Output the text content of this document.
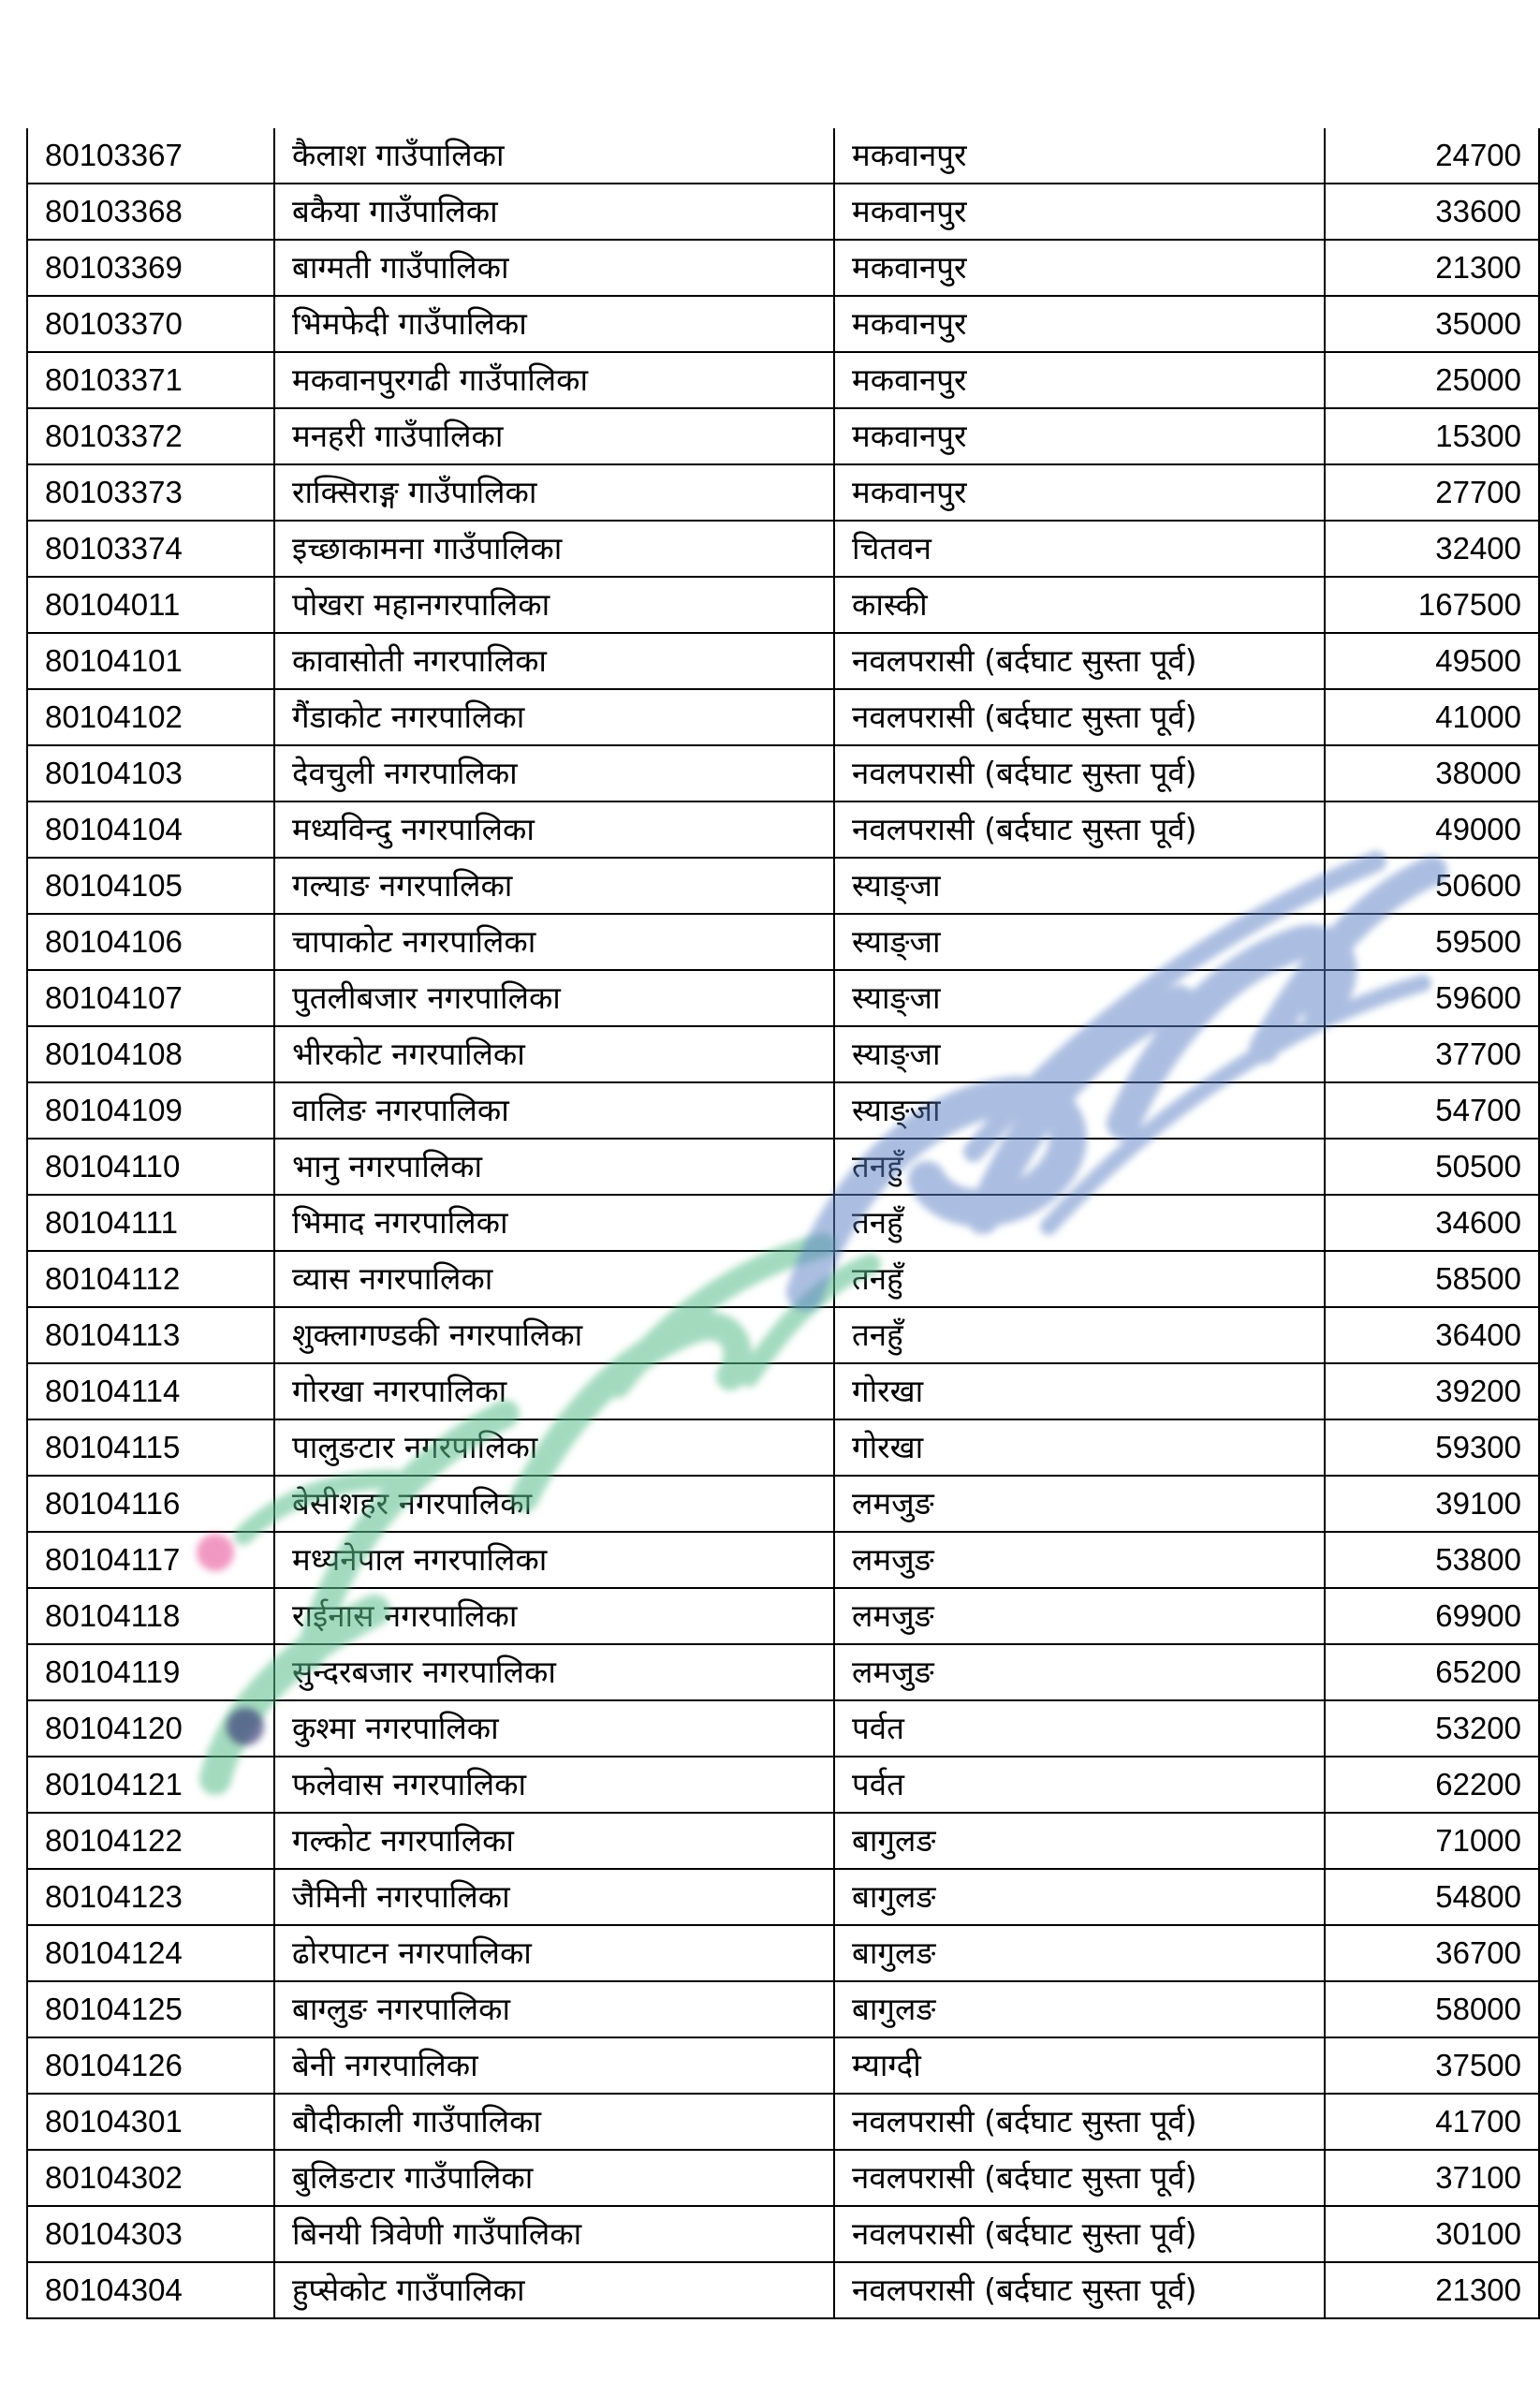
80103367	कैलाश गाउँपालिका	मकवानपुर	24700
80103368	बकैया गाउँपालिका	मकवानपुर	33600
80103369	बाग्मती गाउँपालिका	मकवानपुर	21300
80103370	भिमफेदी गाउँपालिका	मकवानपुर	35000
80103371	मकवानपुरगढी गाउँपालिका	मकवानपुर	25000
80103372	मनहरी गाउँपालिका	मकवानपुर	15300
80103373	राक्सिराङ्ग गाउँपालिका	मकवानपुर	27700
80103374	इच्छाकामना गाउँपालिका	चितवन	32400
80104011	पोखरा महानगरपालिका	कास्की	167500
80104101	कावासोती नगरपालिका	नवलपरासी (बर्दघाट सुस्ता पूर्व)	49500
80104102	गैंडाकोट नगरपालिका	नवलपरासी (बर्दघाट सुस्ता पूर्व)	41000
80104103	देवचुली नगरपालिका	नवलपरासी (बर्दघाट सुस्ता पूर्व)	38000
80104104	मध्यविन्दु नगरपालिका	नवलपरासी (बर्दघाट सुस्ता पूर्व)	49000
80104105	गल्याङ नगरपालिका	स्याङ्जा	50600
80104106	चापाकोट नगरपालिका	स्याङ्जा	59500
80104107	पुतलीबजार नगरपालिका	स्याङ्जा	59600
80104108	भीरकोट नगरपालिका	स्याङ्जा	37700
80104109	वालिङ नगरपालिका	स्याङ्जा	54700
80104110	भानु नगरपालिका	तनहुँ	50500
80104111	भिमाद नगरपालिका	तनहुँ	34600
80104112	व्यास नगरपालिका	तनहुँ	58500
80104113	शुक्लागण्डकी नगरपालिका	तनहुँ	36400
80104114	गोरखा नगरपालिका	गोरखा	39200
80104115	पालुङटार नगरपालिका	गोरखा	59300
80104116	बेसीशहर नगरपालिका	लमजुङ	39100
80104117	मध्यनेपाल नगरपालिका	लमजुङ	53800
80104118	राईनास नगरपालिका	लमजुङ	69900
80104119	सुन्दरबजार नगरपालिका	लमजुङ	65200
80104120	कुश्मा नगरपालिका	पर्वत	53200
80104121	फलेवास नगरपालिका	पर्वत	62200
80104122	गल्कोट नगरपालिका	बागुलङ	71000
80104123	जैमिनी नगरपालिका	बागुलङ	54800
80104124	ढोरपाटन नगरपालिका	बागुलङ	36700
80104125	बाग्लुङ नगरपालिका	बागुलङ	58000
80104126	बेनी नगरपालिका	म्याग्दी	37500
80104301	बौदीकाली गाउँपालिका	नवलपरासी (बर्दघाट सुस्ता पूर्व)	41700
80104302	बुलिङटार गाउँपालिका	नवलपरासी (बर्दघाट सुस्ता पूर्व)	37100
80104303	बिनयी त्रिवेणी गाउँपालिका	नवलपरासी (बर्दघाट सुस्ता पूर्व)	30100
80104304	हुप्सेकोट गाउँपालिका	नवलपरासी (बर्दघाट सुस्ता पूर्व)	21300
